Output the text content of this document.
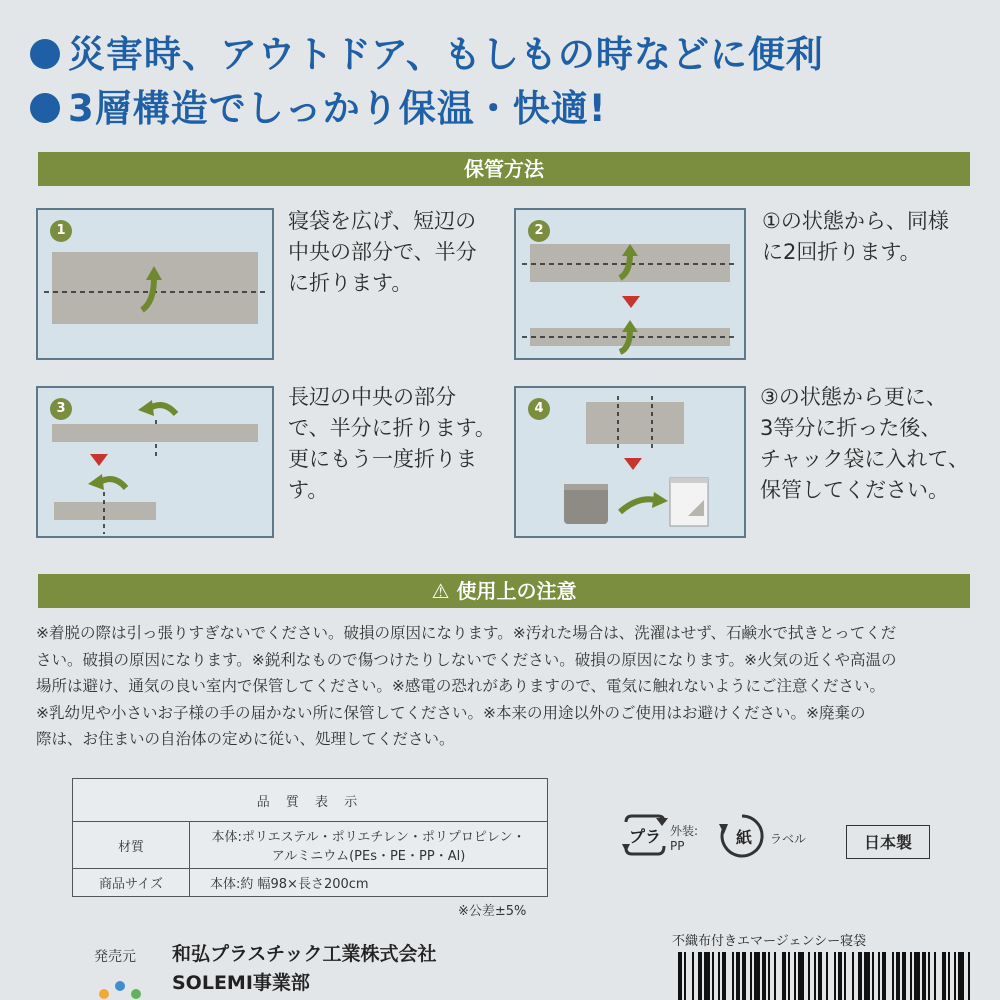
災害時、アウトドア、もしもの時などに便利
3層構造でしっかり保温・快適!
保管方法
1	寝袋を広げ、短辺の
中央の部分で、半分
に折ります。
2	①の状態から、同様
に2回折ります。
3	長辺の中央の部分
で、半分に折ります。
更にもう一度折りま
す。
4	③の状態から更に、
3等分に折った後、
チャック袋に入れて、
保管してください。
⚠ 使用上の注意
※着脱の際は引っ張りすぎないでください。破損の原因になります。※汚れた場合は、洗濯はせず、石鹸水で拭きとってくだ
さい。破損の原因になります。※鋭利なもので傷つけたりしないでください。破損の原因になります。※火気の近くや高温の
場所は避け、通気の良い室内で保管してください。※感電の恐れがありますので、電気に触れないようにご注意ください。
※乳幼児や小さいお子様の手の届かない所に保管してください。※本来の用途以外のご使用はお避けください。※廃棄の
際は、お住まいの自治体の定めに従い、処理してください。
品 質 表 示	
材質	本体:ポリエステル・ポリエチレン・ポリプロピレン・
アルミニウム(PEs・PE・PP・Al)

商品サイズ	本体:約 幅98×長さ200cm
※公差±5%
プラ 外装:
PP	紙 ラベル	日本製
不織布付きエマージェンシー寝袋
発売元 和弘プラスチック工業株式会社
SOLEMI事業部
